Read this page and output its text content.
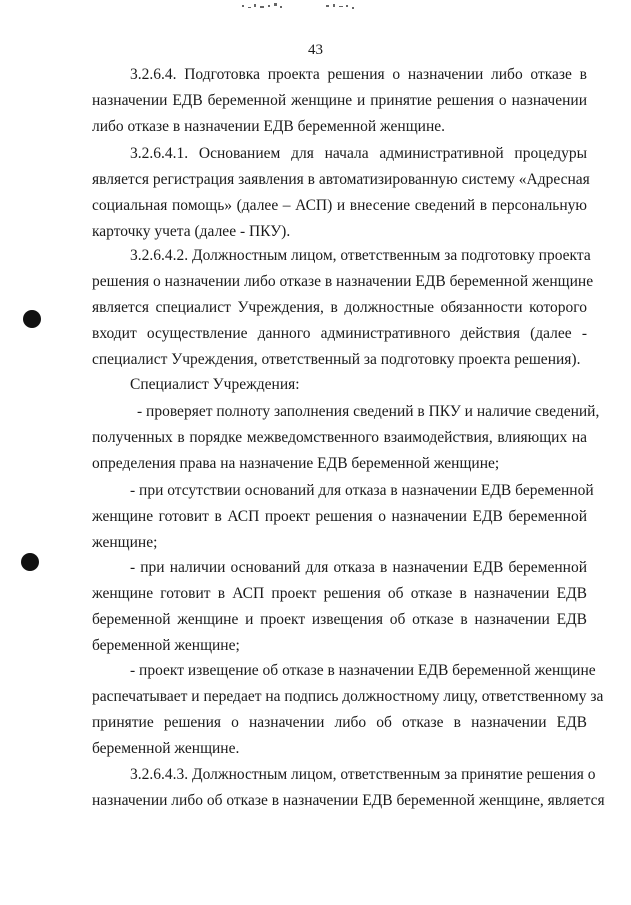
43
3.2.6.4. Подготовка проекта решения о назначении либо отказе в
назначении ЕДВ беременной женщине и принятие решения о назначении
либо отказе в назначении ЕДВ беременной женщине.
3.2.6.4.1. Основанием для начала административной процедуры
является регистрация заявления в автоматизированную систему «Адресная
социальная помощь» (далее – АСП) и внесение сведений в персональную
карточку учета (далее - ПКУ).
3.2.6.4.2. Должностным лицом, ответственным за подготовку проекта
решения о назначении либо отказе в назначении ЕДВ беременной женщине
является специалист Учреждения, в должностные обязанности которого
входит осуществление данного административного действия (далее -
специалист Учреждения, ответственный за подготовку проекта решения).
Специалист Учреждения:
- проверяет полноту заполнения сведений в ПКУ и наличие сведений,
полученных в порядке межведомственного взаимодействия, влияющих на
определения права на назначение ЕДВ беременной женщине;
- при отсутствии оснований для отказа в назначении ЕДВ беременной
женщине готовит в АСП проект решения о назначении ЕДВ беременной
женщине;
- при наличии оснований для отказа в назначении ЕДВ беременной
женщине готовит в АСП проект решения об отказе в назначении ЕДВ
беременной женщине и проект извещения об отказе в назначении ЕДВ
беременной женщине;
- проект извещение об отказе в назначении ЕДВ беременной женщине
распечатывает и передает на подпись должностному лицу, ответственному за
принятие решения о назначении либо об отказе в назначении ЕДВ
беременной женщине.
3.2.6.4.3. Должностным лицом, ответственным за принятие решения о
назначении либо об отказе в назначении ЕДВ беременной женщине, является
